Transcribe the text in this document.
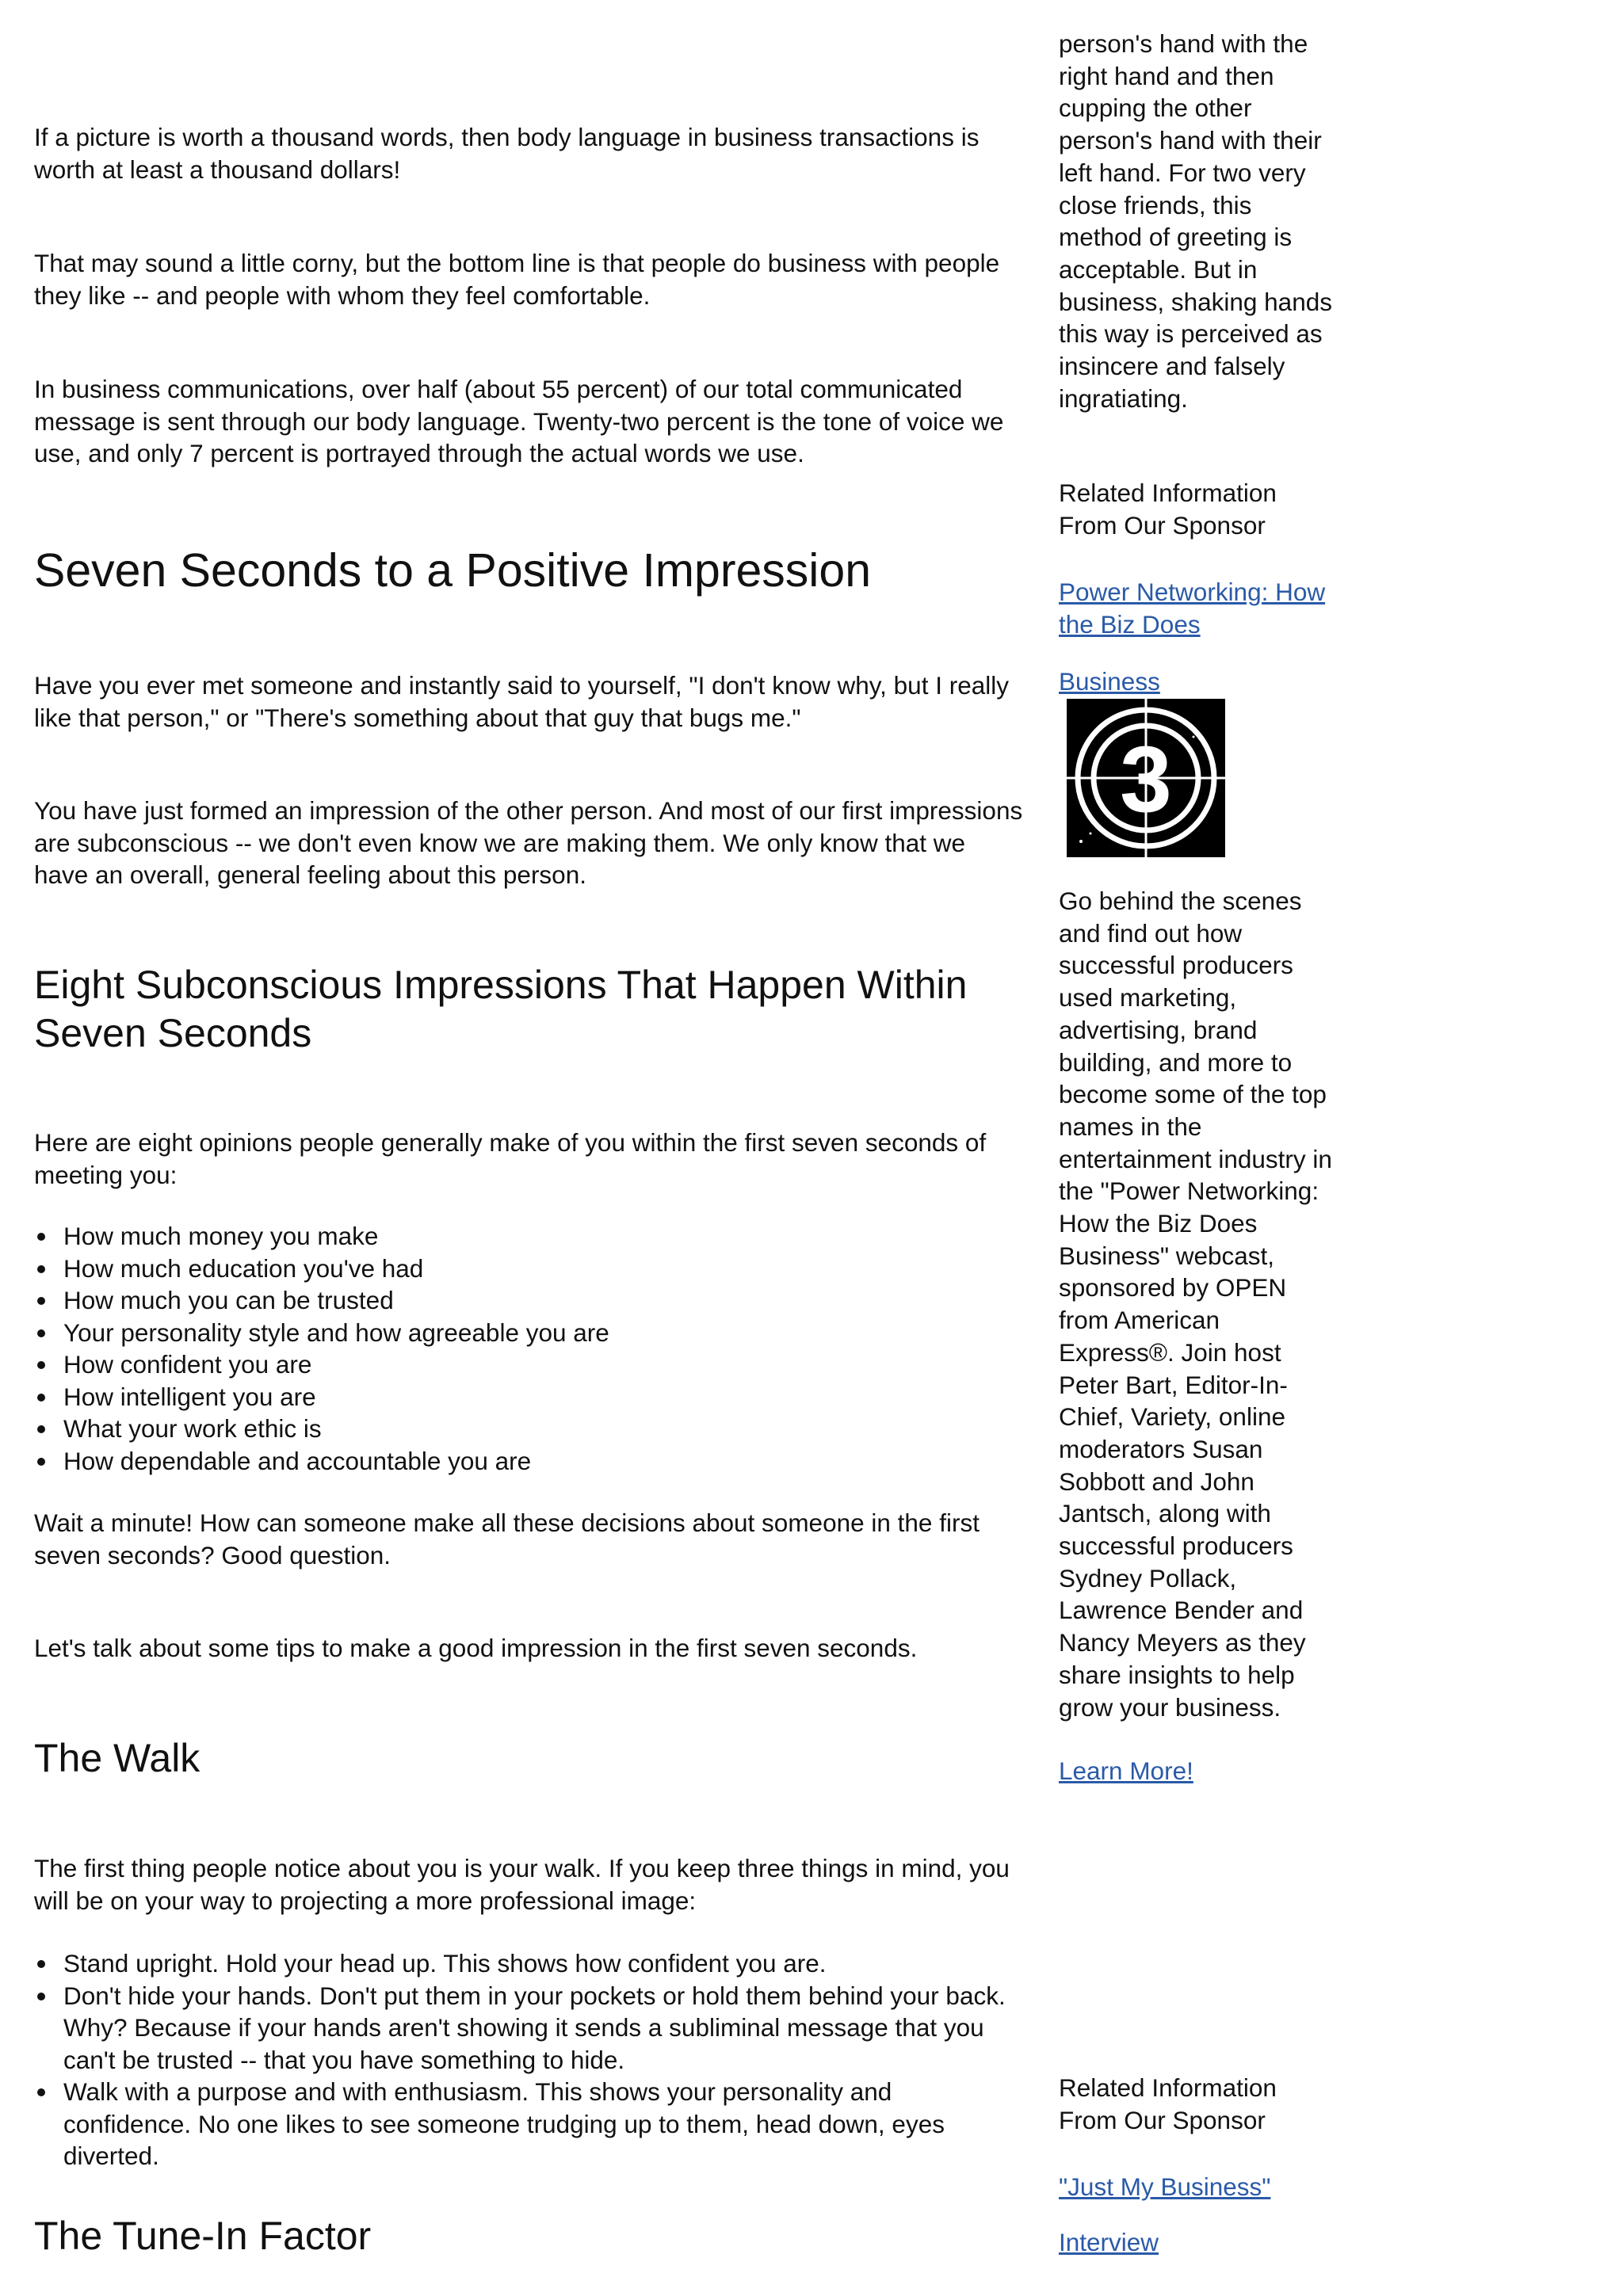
If a picture is worth a thousand words, then body language in business transactions is worth at least a thousand dollars!

That may sound a little corny, but the bottom line is that people do business with people they like -- and people with whom they feel comfortable.

In business communications, over half (about 55 percent) of our total communicated message is sent through our body language. Twenty-two percent is the tone of voice we use, and only 7 percent is portrayed through the actual words we use.

Seven Seconds to a Positive Impression

Have you ever met someone and instantly said to yourself, "I don't know why, but I really like that person," or "There's something about that guy that bugs me."

You have just formed an impression of the other person. And most of our first impressions are subconscious -- we don't even know we are making them. We only know that we have an overall, general feeling about this person.

Eight Subconscious Impressions That Happen Within Seven Seconds

Here are eight opinions people generally make of you within the first seven seconds of meeting you:

How much money you make
How much education you've had
How much you can be trusted
Your personality style and how agreeable you are
How confident you are
How intelligent you are
What your work ethic is
How dependable and accountable you are

Wait a minute! How can someone make all these decisions about someone in the first seven seconds? Good question.

Let's talk about some tips to make a good impression in the first seven seconds.

The Walk

The first thing people notice about you is your walk. If you keep three things in mind, you will be on your way to projecting a more professional image:

Stand upright. Hold your head up. This shows how confident you are.
Don't hide your hands. Don't put them in your pockets or hold them behind your back. Why? Because if your hands aren't showing it sends a subliminal message that you can't be trusted -- that you have something to hide.
Walk with a purpose and with enthusiasm. This shows your personality and confidence. No one likes to see someone trudging up to them, head down, eyes diverted.
The Tune-In Factor

person's hand with the right hand and then cupping the other person's hand with their left hand. For two very close friends, this method of greeting is acceptable. But in business, shaking hands this way is perceived as insincere and falsely ingratiating.

Related Information From Our Sponsor

Power Networking: How the Biz Does

Business

3

Go behind the scenes and find out how successful producers used marketing, advertising, brand building, and more to become some of the top names in the entertainment industry in the "Power Networking: How the Biz Does Business" webcast, sponsored by OPEN from American Express®. Join host Peter Bart, Editor-In-Chief, Variety, online moderators Susan Sobbott and John Jantsch, along with successful producers Sydney Pollack, Lawrence Bender and Nancy Meyers as they share insights to help grow your business.

Learn More!

Related Information From Our Sponsor

"Just My Business"

Interview
